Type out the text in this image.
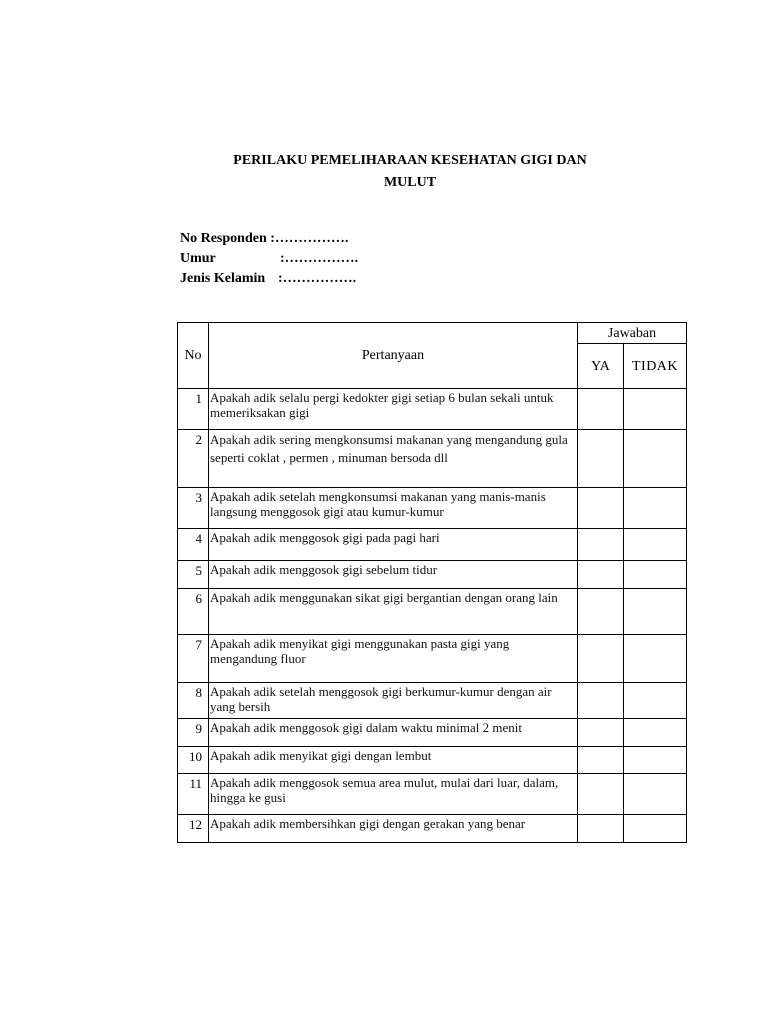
PERILAKU PEMELIHARAAN KESEHATAN GIGI DAN
MULUT
No Responden : …………….
Umur	:…………….
Jenis Kelamin :…………….
No	Pertanyaan	Jawaban	
		YA	TIDAK
1	Apakah adik selalu pergi kedokter gigi setiap 6 bulan sekali untuk memeriksakan gigi		
2	Apakah adik sering mengkonsumsi makanan yang mengandung gula seperti coklat , permen , minuman bersoda dll		
3	Apakah adik setelah mengkonsumsi makanan yang manis-manis langsung menggosok gigi atau kumur-kumur		
4	Apakah adik menggosok gigi pada pagi hari		
5	Apakah adik menggosok gigi sebelum tidur		
6	Apakah adik menggunakan sikat gigi bergantian dengan orang lain		
7	Apakah adik menyikat gigi menggunakan pasta gigi yang mengandung fluor		
8	Apakah adik setelah menggosok gigi berkumur-kumur dengan air yang bersih		
9	Apakah adik menggosok gigi dalam waktu minimal 2 menit		
10	Apakah adik menyikat gigi dengan lembut		
11	Apakah adik menggosok semua area mulut, mulai dari luar, dalam, hingga ke gusi		
12	Apakah adik membersihkan gigi dengan gerakan yang benar		
